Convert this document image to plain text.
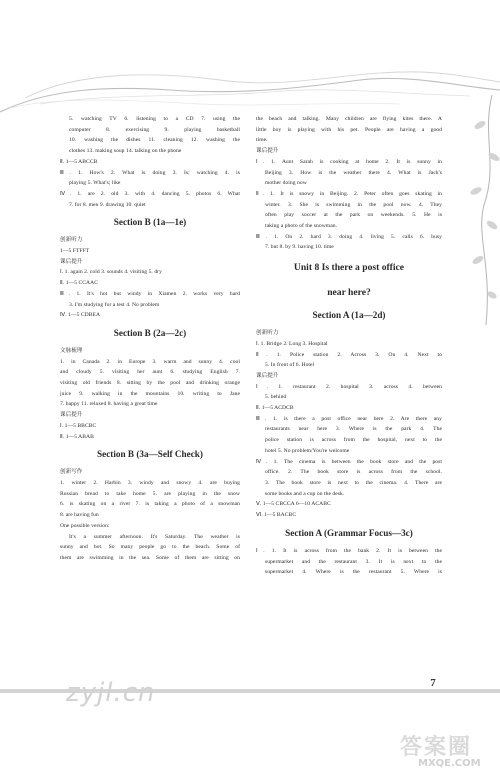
5. watching TV 6. listening to a CD 7. using the
computer 8. exercising 9. playing basketball
10. washing the dishes 11. cleaning 12. washing the
clothes 13. making soup 14. talking on the phone
Ⅱ. 1—5 ABCCB
Ⅲ. 1. How's 2. What is doing 3. Is; watching 4. is
playing 5. What's; like
Ⅳ. 1. are 2. old 3. with 4. dancing 5. photos 6. What
7. for 8. men 9. drawing 10. quiet
Section B (1a—1e)
创新听力
1—5 FTFFT
课后提升
Ⅰ. 1. again 2. cold 3. sounds 4. visiting 5. dry
Ⅱ. 1—5 CCAAC
Ⅲ. 1. It's hot but windy in Xiamen 2. works very hard
3. I'm studying for a test 4. No problem
Ⅳ. 1—5 CDBEA
Section B (2a—2c)
文脉梳理
1. in Canada 2. in Europe 3. warm and sunny 4. cool
and cloudy 5. visiting her aunt 6. studying English 7.
visiting old friends 8. sitting by the pool and drinking orange
juice 9. walking in the mountains 10. writing to Jane
7. happy 11. relaxed 8. having a great time
课后提升
Ⅰ. 1—5 BBCBC
Ⅱ. 1—5 ABAB
Section B (3a—Self Check)
创新写作
1. winter 2. Harbin 3. windy and snowy 4. are buying
Russian bread to take home 5. are playing in the snow
6. is skating on a river 7. is taking a photo of a snowman
8. are having fun
One possible version:
It's a summer afternoon. It's Saturday. The weather is
sunny and hot. So many people go to the beach. Some of
them are swimming in the sea. Some of them are sitting on
the beach and talking. Many children are flying kites there. A
little boy is playing with his pet. People are having a good
time.
课后提升
Ⅰ. 1. Aunt Sarah is cooking at home 2. It is sunny in
Beijing 3. How is the weather there 4. What is Jack's
mother doing now
Ⅱ. 1. It is snowy in Beijing. 2. Peter often goes skating in
winter. 3. She is swimming in the pool now. 4. They
often play soccer at the park on weekends. 5. He is
taking a photo of the snowman.
Ⅲ. 1. On 2. hard 3. doing 4. living 5. calls 6. busy
7. but 8. by 9. having 10. time
Unit 8 Is there a post office
near here?
Section A (1a—2d)
创新听力
Ⅰ. 1. Bridge 2. Long 3. Hospital
Ⅱ. 1. Police station 2. Across 3. On 4. Next to
5. In front of 6. Hotel
课后提升
Ⅰ. 1. restaurant 2. hospital 3. across 4. between
5. behind
Ⅱ. 1—5 ACDCB
Ⅲ. 1. is there a post office near here 2. Are there any
restaurants near here 3. Where is the park 4. The
police station is across from the hospital, next to the
hotel 5. No problem/You're welcome
Ⅳ. 1. The cinema is between the book store and the post
office. 2. The book store is across from the school.
3. The book store is next to the cinema. 4. There are
some books and a cup on the desk.
Ⅴ. 1—5 CBCCA 6—10 ACABC
Ⅵ. 1—5 BACBC
Section A (Grammar Focus—3c)
Ⅰ. 1. It is across from the bank 2. It is between the
supermarket and the restaurant 3. It is next to the
supermarket 4. Where is the restaurant 5. Where is
7
zyjl.cn
答案圈
MXQE.COM
